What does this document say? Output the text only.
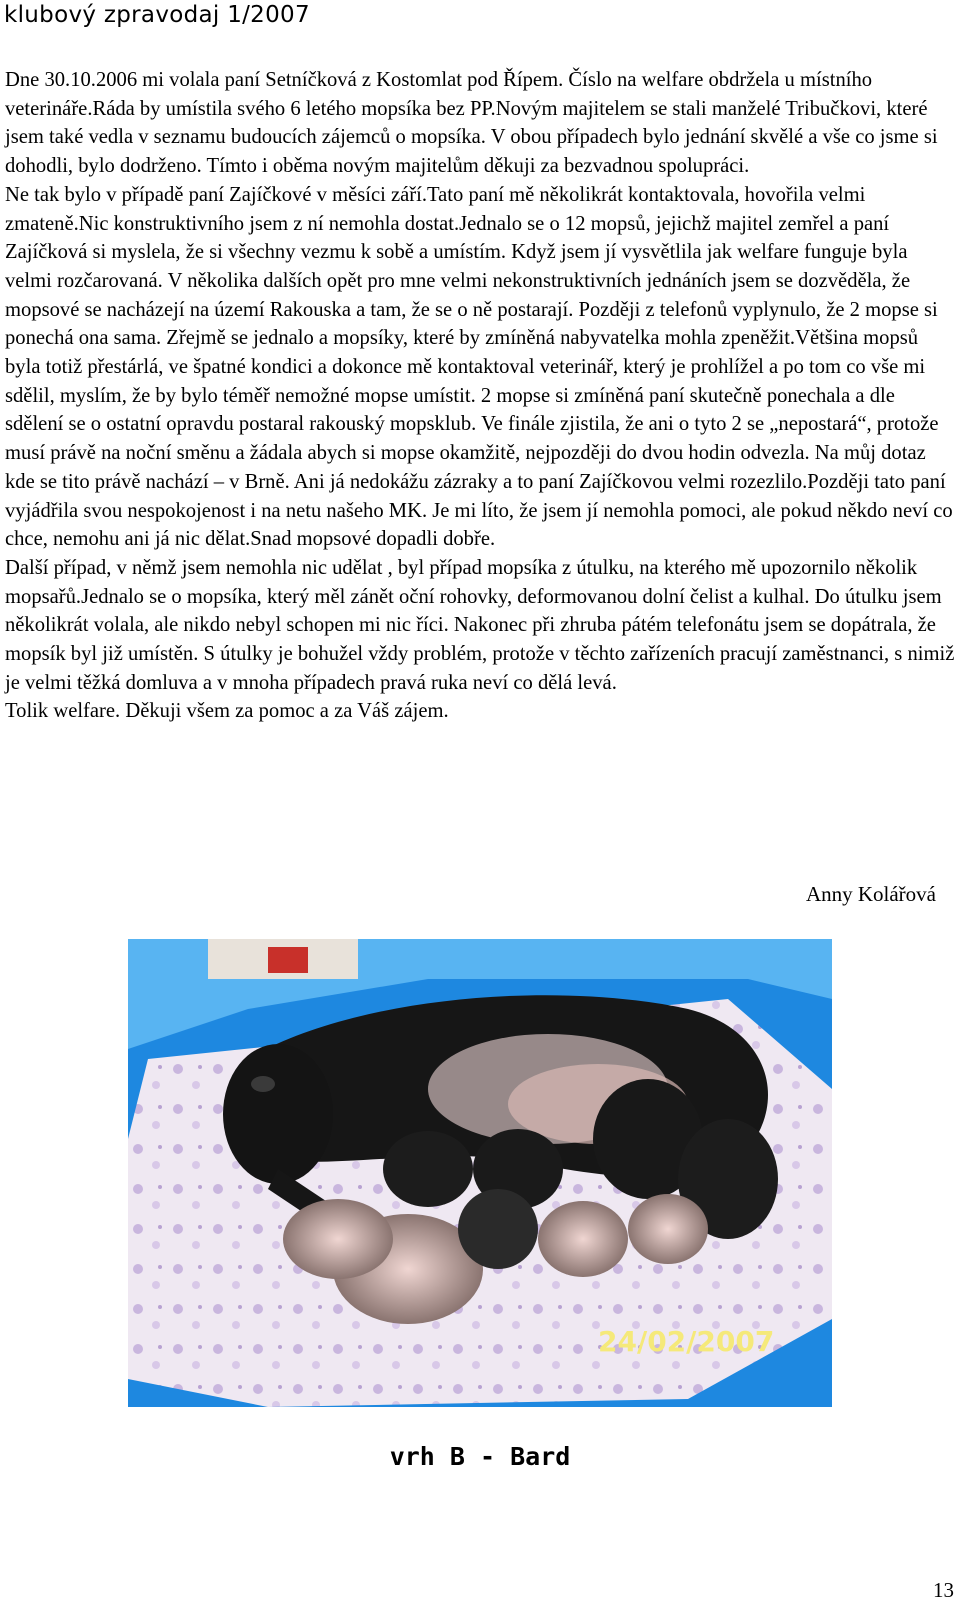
klubový zpravodaj 1/2007

Dne 30.10.2006 mi volala paní Setníčková z Kostomlat pod Řípem. Číslo na welfare obdržela u místního veterináře.Ráda by umístila svého 6 letého mopsíka bez PP.Novým majitelem se stali manželé Tribučkovi, které jsem také vedla v seznamu budoucích zájemců o mopsíka. V obou případech bylo jednání skvělé a vše co jsme si dohodli, bylo dodrženo. Tímto i oběma novým majitelům děkuji za bezvadnou spolupráci.

Ne tak bylo v případě paní Zajíčkové v měsíci září.Tato paní mě několikrát kontaktovala, hovořila velmi zmateně.Nic konstruktivního jsem z ní nemohla dostat.Jednalo se o 12 mopsů, jejichž majitel zemřel a paní Zajíčková si myslela, že si všechny vezmu k sobě a umístím. Když jsem jí vysvětlila jak welfare funguje byla velmi rozčarovaná. V několika dalších opět pro mne velmi nekonstruktivních jednáních jsem se dozvěděla, že mopsové se nacházejí na území Rakouska a tam, že se o ně postarají. Později z telefonů vyplynulo, že 2 mopse si ponechá ona sama. Zřejmě se jednalo a mopsíky, které by zmíněná nabyvatelka mohla zpeněžit.Většina mopsů byla totiž přestárlá, ve špatné kondici a dokonce mě kontaktoval veterinář, který je prohlížel a po tom co vše mi sdělil, myslím, že by bylo téměř nemožné mopse umístit. 2 mopse si zmíněná paní skutečně ponechala a dle sdělení se o ostatní opravdu postaral rakouský mopsklub. Ve finále zjistila, že ani o tyto 2 se „nepostará“, protože musí právě na noční směnu a žádala abych si mopse okamžitě, nejpozději do dvou hodin odvezla. Na můj dotaz kde se tito právě nachází – v Brně. Ani já nedokážu zázraky a to paní Zajíčkovou velmi rozezlilo.Později tato paní vyjádřila svou nespokojenost i na netu našeho MK. Je mi líto, že jsem jí nemohla pomoci, ale pokud někdo neví co chce, nemohu ani já nic dělat.Snad mopsové dopadli dobře.

Další případ, v němž jsem nemohla nic udělat , byl případ mopsíka z útulku, na kterého mě upozornilo několik mopsařů.Jednalo se o mopsíka, který měl zánět oční rohovky, deformovanou dolní čelist a kulhal. Do útulku jsem několikrát volala, ale nikdo nebyl schopen mi nic říci. Nakonec při zhruba pátém telefonátu jsem se dopátrala, že mopsík byl již umístěn. S útulky je bohužel vždy problém, protože v těchto zařízeních pracují zaměstnanci, s nimiž je velmi těžká domluva a v mnoha případech pravá ruka neví co dělá levá.

Tolik welfare. Děkuji všem za pomoc a za Váš zájem.

Anny Kolářová
24/02/2007
vrh B - Bard
13
